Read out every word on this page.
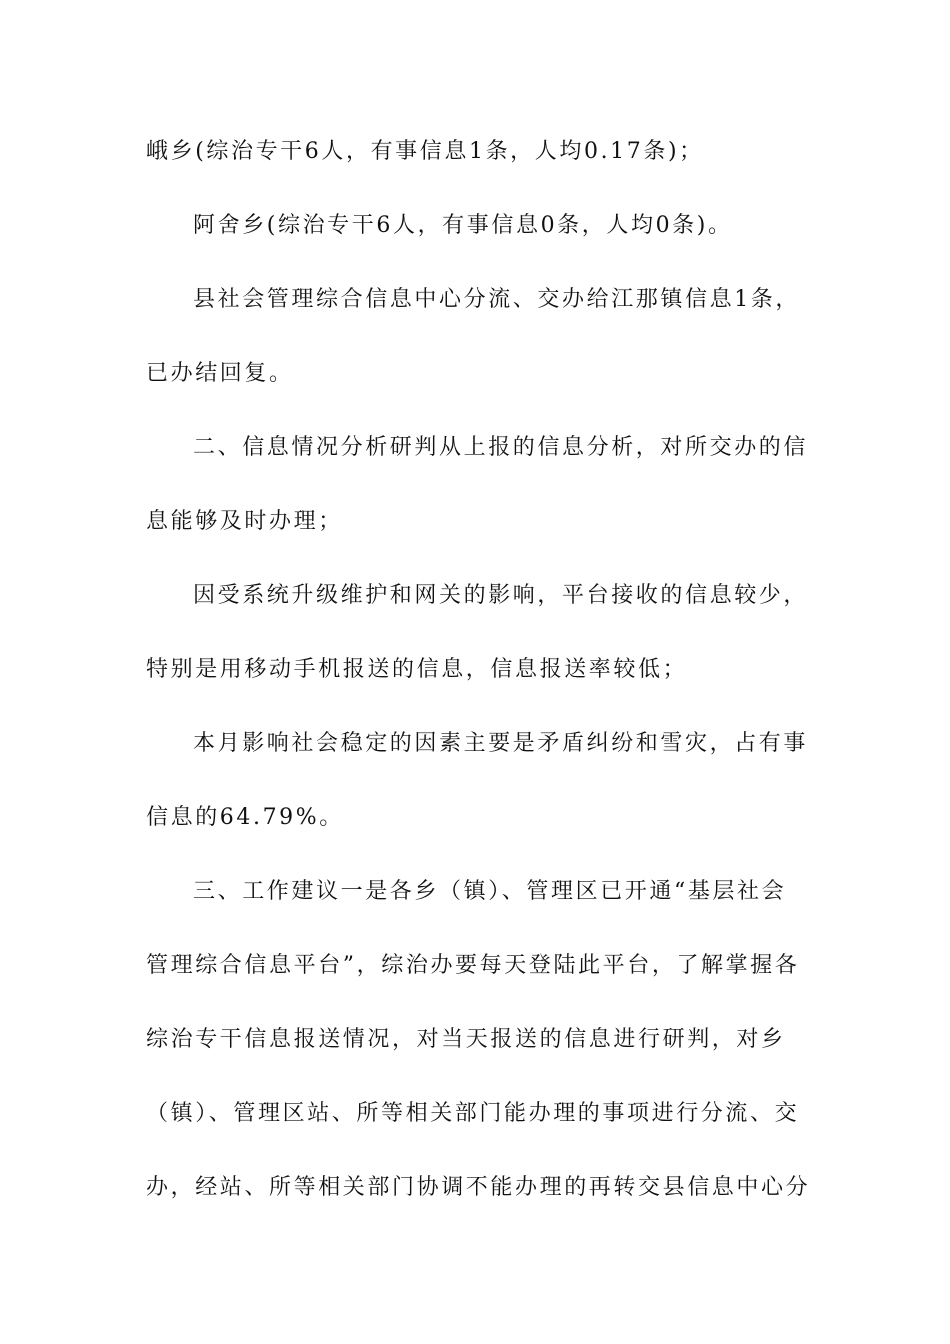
峨乡(综治专干6人，有事信息1条，人均0.17条)；
阿舍乡(综治专干6人，有事信息0条，人均0条)。
县社会管理综合信息中心分流、交办给江那镇信息1条，
已办结回复。
二、信息情况分析研判从上报的信息分析，对所交办的信
息能够及时办理；
因受系统升级维护和网关的影响，平台接收的信息较少，
特别是用移动手机报送的信息，信息报送率较低；
本月影响社会稳定的因素主要是矛盾纠纷和雪灾，占有事
信息的64.79%。
三、工作建议一是各乡（镇）、管理区已开通“基层社会
管理综合信息平台”，综治办要每天登陆此平台，了解掌握各
综治专干信息报送情况，对当天报送的信息进行研判，对乡
（镇）、管理区站、所等相关部门能办理的事项进行分流、交
办，经站、所等相关部门协调不能办理的再转交县信息中心分
